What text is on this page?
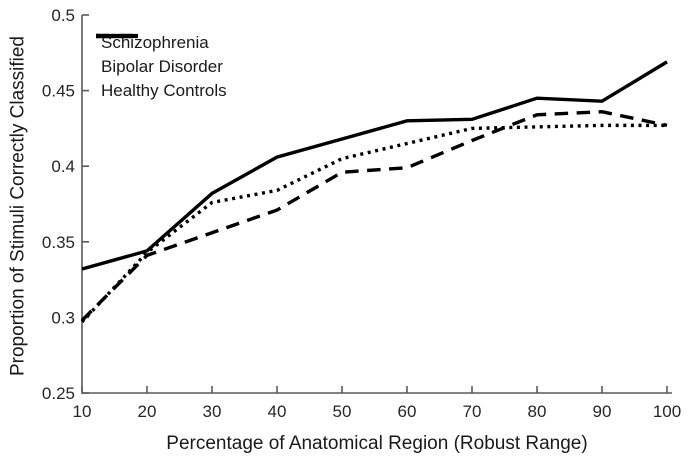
0.25
0.3
0.35
0.4
0.45
0.5
10	20	30	40	50	60	70	80	90 100
Proportion of Stimuli Correctly Classified	Schizophrenia
Bipolar Disorder
Healthy Controls
Percentage of Anatomical Region (Robust Range)
